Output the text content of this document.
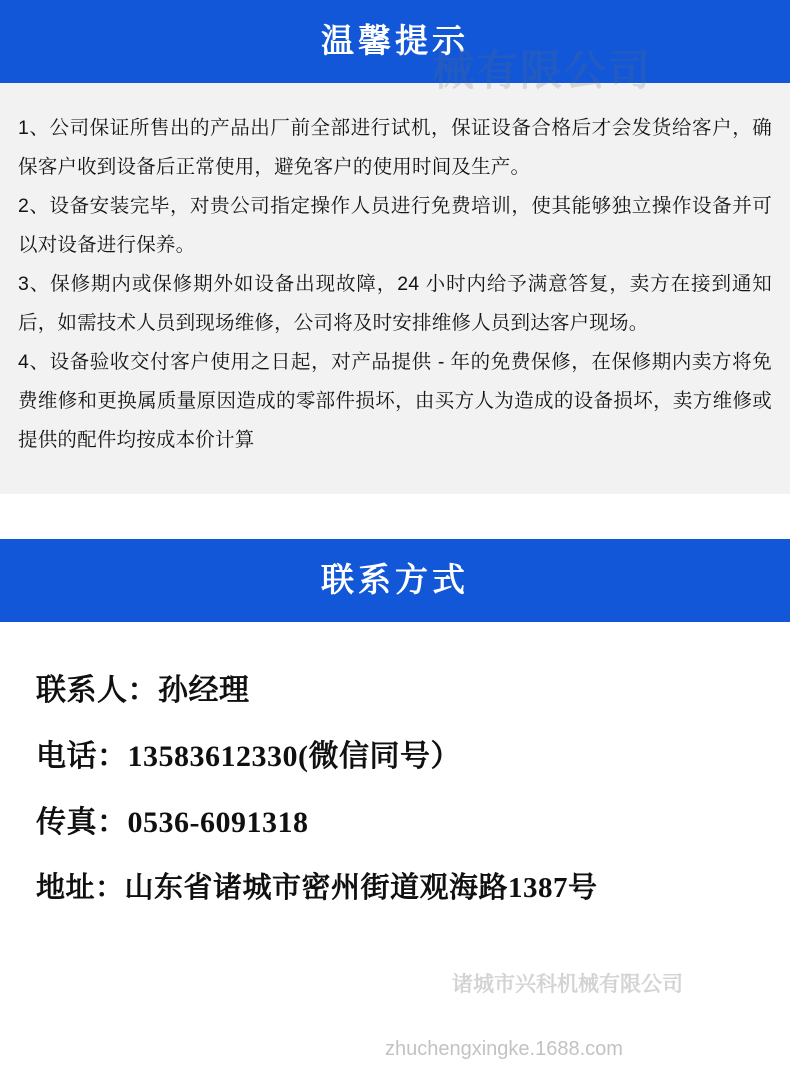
械有限公司
温馨提示
1、公司保证所售出的产品出厂前全部进行试机，保证设备合格后才会发货给客户，确保客户收到设备后正常使用，避免客户的使用时间及生产。
2、设备安装完毕，对贵公司指定操作人员进行免费培训，使其能够独立操作设备并可以对设备进行保养。
3、保修期内或保修期外如设备出现故障，24 小时内给予满意答复，卖方在接到通知后，如需技术人员到现场维修，公司将及时安排维修人员到达客户现场。
4、设备验收交付客户使用之日起，对产品提供 - 年的免费保修，在保修期内卖方将免费维修和更换属质量原因造成的零部件损坏，由买方人为造成的设备损坏，卖方维修或提供的配件均按成本价计算
联系方式
联系人：孙经理
电话：13583612330(微信同号）
传真：0536-6091318
地址：山东省诸城市密州街道观海路1387号
诸城市兴科机械有限公司
zhuchengxingke.1688.com
